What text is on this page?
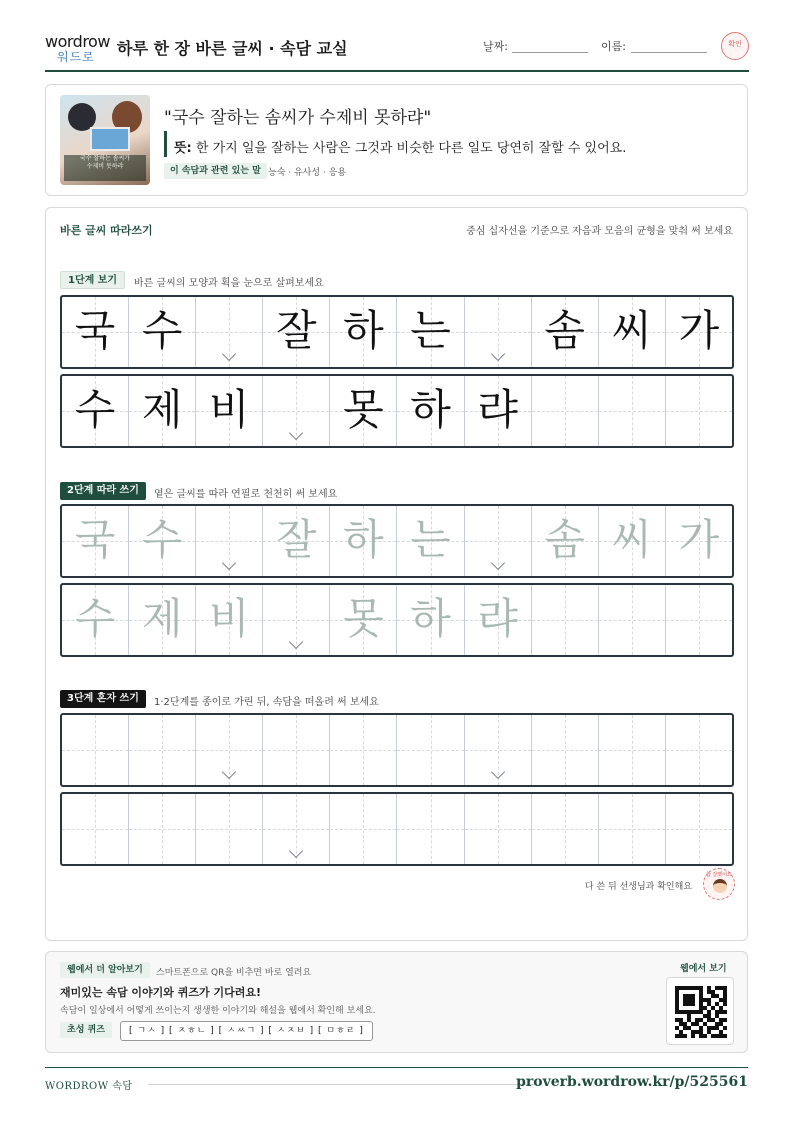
wordrow
워드로 하루 한 장 바른 글씨 · 속담 교실	날짜:	이름:	확인
국수 잘하는 솜씨가
수제비 못하랴
"국수 잘하는 솜씨가 수제비 못하랴"
뜻: 한 가지 일을 잘하는 사람은 그것과 비슷한 다른 일도 당연히 잘할 수 있어요.
이 속담과 관련 있는 말 능숙 · 유사성 · 응용
바른 글씨 따라쓰기	중심 십자선을 기준으로 자음과 모음의 균형을 맞춰 써 보세요
1단계 보기	바른 글씨의 모양과 획을 눈으로 살펴보세요
국 수	잘 하 는	솜 씨 가
수 제 비	못 하 랴
2단계 따라 쓰기	옅은 글씨를 따라 연필로 천천히 써 보세요
국 수	잘 하 는	솜 씨 가
수 제 비	못 하 랴
3단계 혼자 쓰기	1·2단계를 종이로 가린 뒤, 속담을 떠올려 써 보세요
다 쓴 뒤 선생님과 확인해요
참 잘했어요
웹에서 더 알아보기	스마트폰으로 QR을 비추면 바로 열려요
재미있는 속담 이야기와 퀴즈가 기다려요!
속담이 일상에서 어떻게 쓰이는지 생생한 이야기와 해설을 웹에서 확인해 보세요.
초성 퀴즈	[ ㄱㅅ ] [ ㅈㅎㄴ ] [ ㅅㅆㄱ ] [ ㅅㅈㅂ ] [ ㅁㅎㄹ ]
웹에서 보기
WORDROW 속담	proverb.wordrow.kr/p/525561
